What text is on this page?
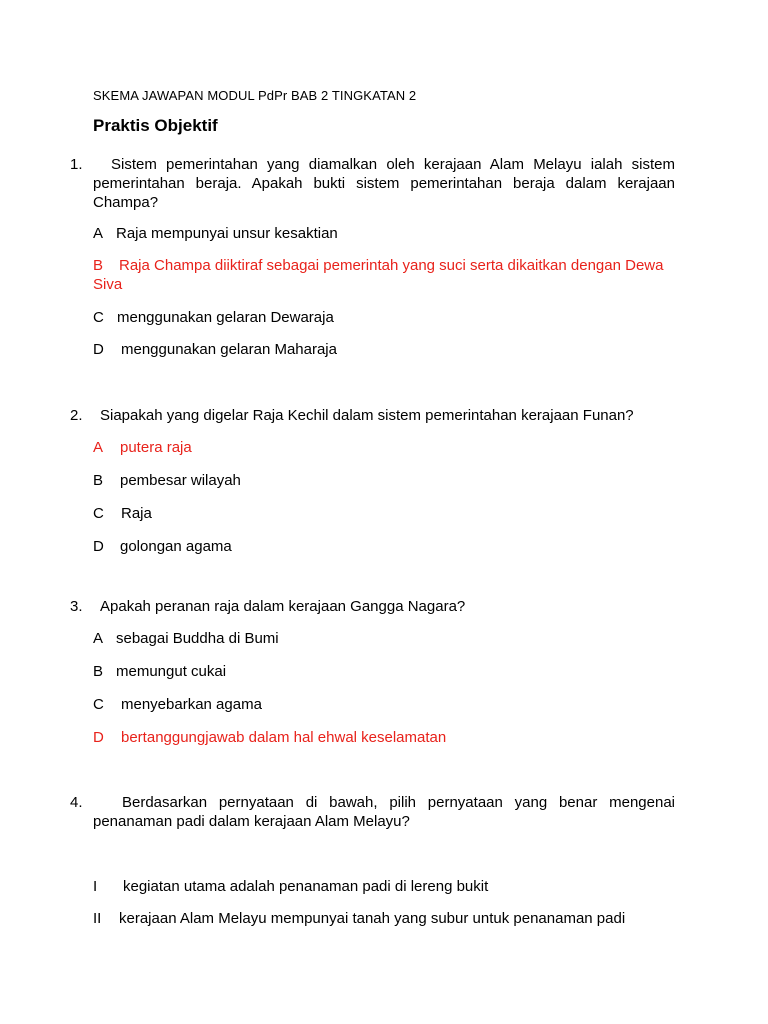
SKEMA JAWAPAN MODUL PdPr BAB 2 TINGKATAN 2
Praktis Objektif
1.	Sistem pemerintahan yang diamalkan oleh kerajaan Alam Melayu ialah sistem pemerintahan beraja. Apakah bukti sistem pemerintahan beraja dalam kerajaan Champa?
A Raja mempunyai unsur kesaktian
B Raja Champa diiktiraf sebagai pemerintah yang suci serta dikaitkan dengan Dewa Siva
C menggunakan gelaran Dewaraja
D menggunakan gelaran Maharaja
2. Siapakah yang digelar Raja Kechil dalam sistem pemerintahan kerajaan Funan?
A putera raja
B pembesar wilayah
C Raja
D golongan agama
3. Apakah peranan raja dalam kerajaan Gangga Nagara?
A sebagai Buddha di Bumi
B memungut cukai
C menyebarkan agama
D bertanggungjawab dalam hal ehwal keselamatan
4.	Berdasarkan pernyataan di bawah, pilih pernyataan yang benar mengenai penanaman padi dalam kerajaan Alam Melayu?
I kegiatan utama adalah penanaman padi di lereng bukit
II kerajaan Alam Melayu mempunyai tanah yang subur untuk penanaman padi
